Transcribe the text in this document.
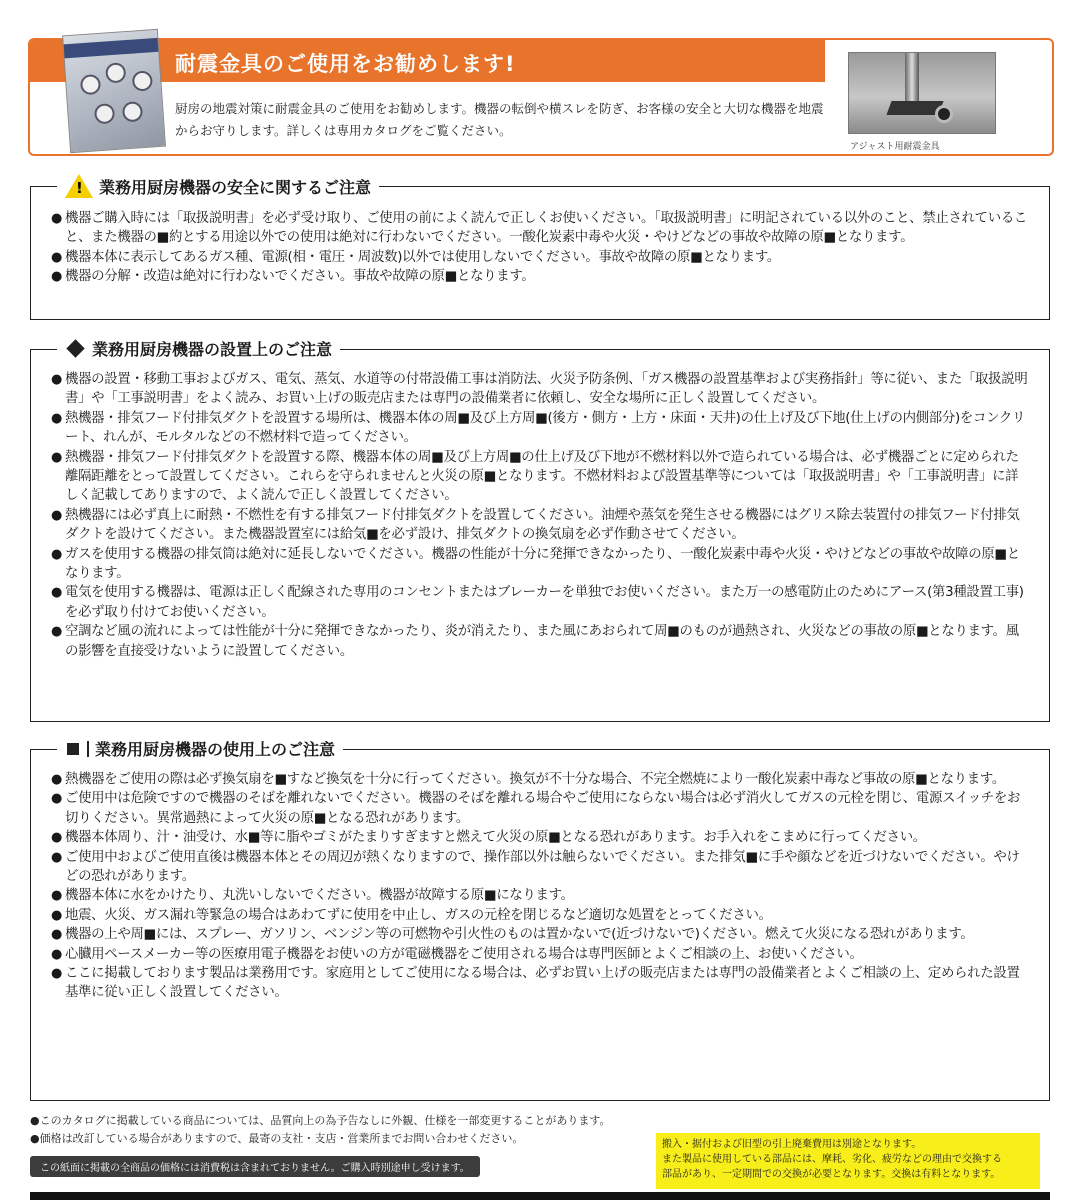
耐震金具のご使用をお勧めします!
厨房の地震対策に耐震金具のご使用をお勧めします。機器の転倒や横スレを防ぎ、お客様の安全と大切な機器を地震からお守りします。詳しくは専用カタログをご覧ください。
アジャスト用耐震金具
!
業務用厨房機器の安全に関するご注意
● 機器ご購入時には「取扱説明書」を必ず受け取り、ご使用の前によく読んで正しくお使いください。「取扱説明書」に明記されている以外のこと、禁止されていること、また機器の■約とする用途以外での使用は絶対に行わないでください。一酸化炭素中毒や火災・やけどなどの事故や故障の原■となります。
● 機器本体に表示してあるガス種、電源(相・電圧・周波数)以外では使用しないでください。事故や故障の原■となります。
● 機器の分解・改造は絶対に行わないでください。事故や故障の原■となります。
業務用厨房機器の設置上のご注意
● 機器の設置・移動工事およびガス、電気、蒸気、水道等の付帯設備工事は消防法、火災予防条例、「ガス機器の設置基準および実務指針」等に従い、また「取扱説明書」や「工事説明書」をよく読み、お買い上げの販売店または専門の設備業者に依頼し、安全な場所に正しく設置してください。
● 熱機器・排気フード付排気ダクトを設置する場所は、機器本体の周■及び上方周■(後方・側方・上方・床面・天井)の仕上げ及び下地(仕上げの内側部分)をコンクリート、れんが、モルタルなどの不燃材料で造ってください。
● 熱機器・排気フード付排気ダクトを設置する際、機器本体の周■及び上方周■の仕上げ及び下地が不燃材料以外で造られている場合は、必ず機器ごとに定められた離隔距離をとって設置してください。これらを守られませんと火災の原■となります。不燃材料および設置基準等については「取扱説明書」や「工事説明書」に詳しく記載してありますので、よく読んで正しく設置してください。
● 熱機器には必ず真上に耐熱・不燃性を有する排気フード付排気ダクトを設置してください。油煙や蒸気を発生させる機器にはグリス除去装置付の排気フード付排気ダクトを設けてください。また機器設置室には給気■を必ず設け、排気ダクトの換気扇を必ず作動させてください。
● ガスを使用する機器の排気筒は絶対に延長しないでください。機器の性能が十分に発揮できなかったり、一酸化炭素中毒や火災・やけどなどの事故や故障の原■となります。
● 電気を使用する機器は、電源は正しく配線された専用のコンセントまたはブレーカーを単独でお使いください。また万一の感電防止のためにアース(第3種設置工事)を必ず取り付けてお使いください。
● 空調など風の流れによっては性能が十分に発揮できなかったり、炎が消えたり、また風にあおられて周■のものが過熱され、火災などの事故の原■となります。風の影響を直接受けないように設置してください。
業務用厨房機器の使用上のご注意
● 熱機器をご使用の際は必ず換気扇を■すなど換気を十分に行ってください。換気が不十分な場合、不完全燃焼により一酸化炭素中毒など事故の原■となります。
● ご使用中は危険ですので機器のそばを離れないでください。機器のそばを離れる場合やご使用にならない場合は必ず消火してガスの元栓を閉じ、電源スイッチをお切りください。異常過熱によって火災の原■となる恐れがあります。
● 機器本体周り、汁・油受け、水■等に脂やゴミがたまりすぎますと燃えて火災の原■となる恐れがあります。お手入れをこまめに行ってください。
● ご使用中およびご使用直後は機器本体とその周辺が熱くなりますので、操作部以外は触らないでください。また排気■に手や顔などを近づけないでください。やけどの恐れがあります。
● 機器本体に水をかけたり、丸洗いしないでください。機器が故障する原■になります。
● 地震、火災、ガス漏れ等緊急の場合はあわてずに使用を中止し、ガスの元栓を閉じるなど適切な処置をとってください。
● 機器の上や周■には、スプレー、ガソリン、ベンジン等の可燃物や引火性のものは置かないで(近づけないで)ください。燃えて火災になる恐れがあります。
● 心臓用ペースメーカー等の医療用電子機器をお使いの方が電磁機器をご使用される場合は専門医師とよくご相談の上、お使いください。
● ここに掲載しております製品は業務用です。家庭用としてご使用になる場合は、必ずお買い上げの販売店または専門の設備業者とよくご相談の上、定められた設置基準に従い正しく設置してください。
● このカタログに掲載している商品については、品質向上の為予告なしに外観、仕様を一部変更することがあります。
● 価格は改訂している場合がありますので、最寄の支社・支店・営業所までお問い合わせください。
この紙面に掲載の全商品の価格には消費税は含まれておりません。ご購入時別途申し受けます。
搬入・据付および旧型の引上廃棄費用は別途となります。
また製品に使用している部品には、摩耗、劣化、疲労などの理由で交換する
部品があり、一定期間での交換が必要となります。交換は有料となります。
